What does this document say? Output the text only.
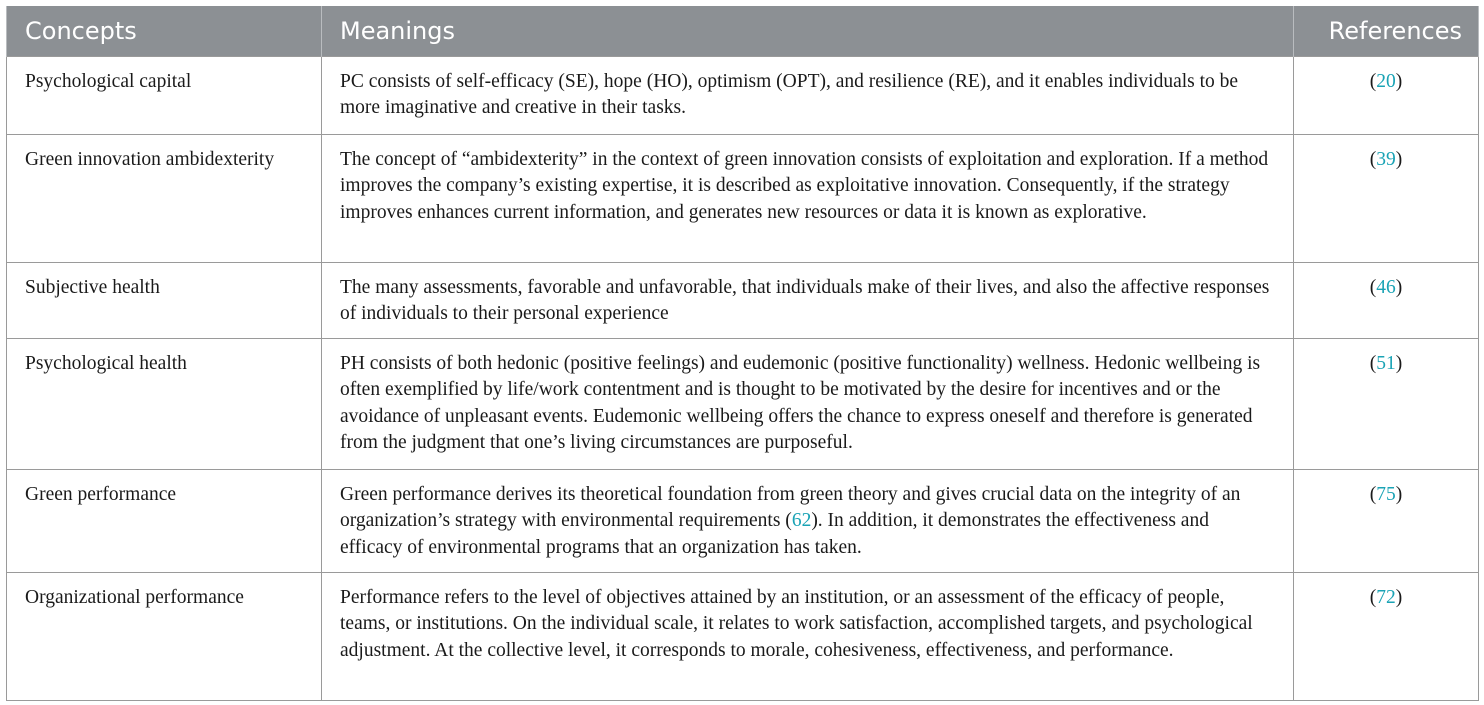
Concepts	Meanings	References
Psychological capital	PC consists of self-efficacy (SE), hope (HO), optimism (OPT), and resilience (RE), and it enables individuals to be more imaginative and creative in their tasks.	(20)
Green innovation ambidexterity	The concept of “ambidexterity” in the context of green innovation consists of exploitation and exploration. If a method improves the company’s existing expertise, it is described as exploitative innovation. Consequently, if the strategy improves enhances current information, and generates new resources or data it is known as explorative.	(39)
Subjective health	The many assessments, favorable and unfavorable, that individuals make of their lives, and also the affective responses of individuals to their personal experience	(46)
Psychological health	PH consists of both hedonic (positive feelings) and eudemonic (positive functionality) wellness. Hedonic wellbeing is often exemplified by life/work contentment and is thought to be motivated by the desire for incentives and or the avoidance of unpleasant events. Eudemonic wellbeing offers the chance to express oneself and therefore is generated from the judgment that one’s living circumstances are purposeful.	(51)
Green performance	Green performance derives its theoretical foundation from green theory and gives crucial data on the integrity of an organization’s strategy with environmental requirements (62). In addition, it demonstrates the effectiveness and efficacy of environmental programs that an organization has taken.	(75)
Organizational performance	Performance refers to the level of objectives attained by an institution, or an assessment of the efficacy of people, teams, or institutions. On the individual scale, it relates to work satisfaction, accomplished targets, and psychological adjustment. At the collective level, it corresponds to morale, cohesiveness, effectiveness, and performance.	(72)
